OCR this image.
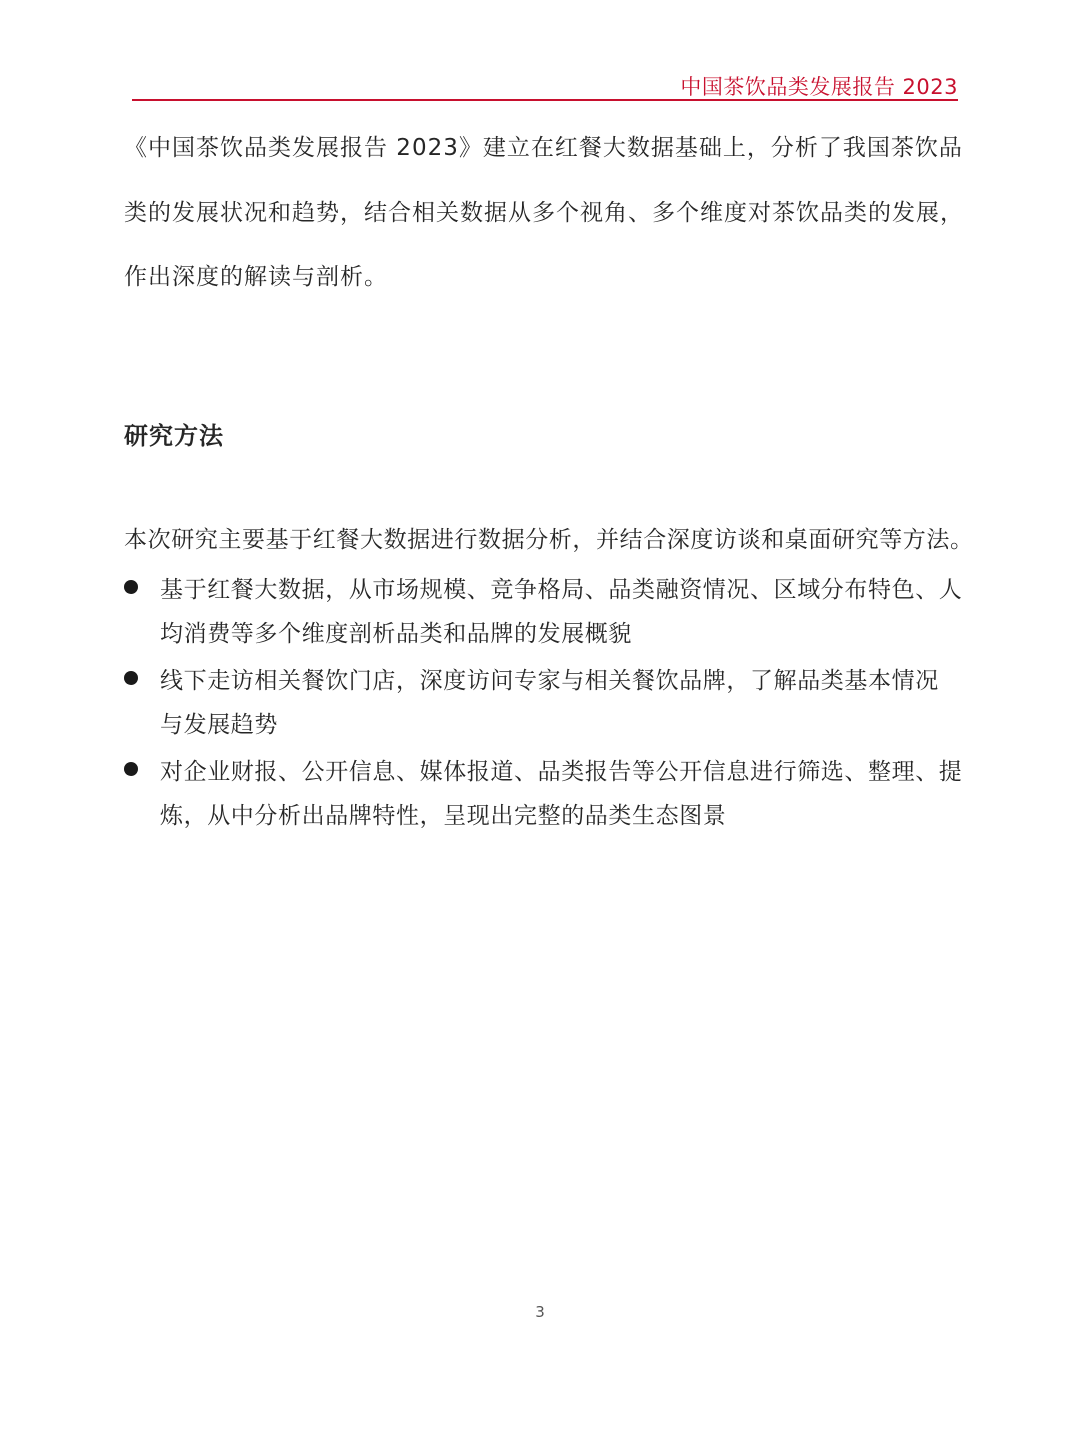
中国茶饮品类发展报告 2023
《中国茶饮品类发展报告 2023》建立在红餐大数据基础上，分析了我国茶饮品
类的发展状况和趋势，结合相关数据从多个视角、多个维度对茶饮品类的发展，
作出深度的解读与剖析。
研究方法
本次研究主要基于红餐大数据进行数据分析，并结合深度访谈和桌面研究等方法。
基于红餐大数据，从市场规模、竞争格局、品类融资情况、区域分布特色、人
均消费等多个维度剖析品类和品牌的发展概貌
线下走访相关餐饮门店，深度访问专家与相关餐饮品牌，了解品类基本情况
与发展趋势
对企业财报、公开信息、媒体报道、品类报告等公开信息进行筛选、整理、提
炼，从中分析出品牌特性，呈现出完整的品类生态图景
3
